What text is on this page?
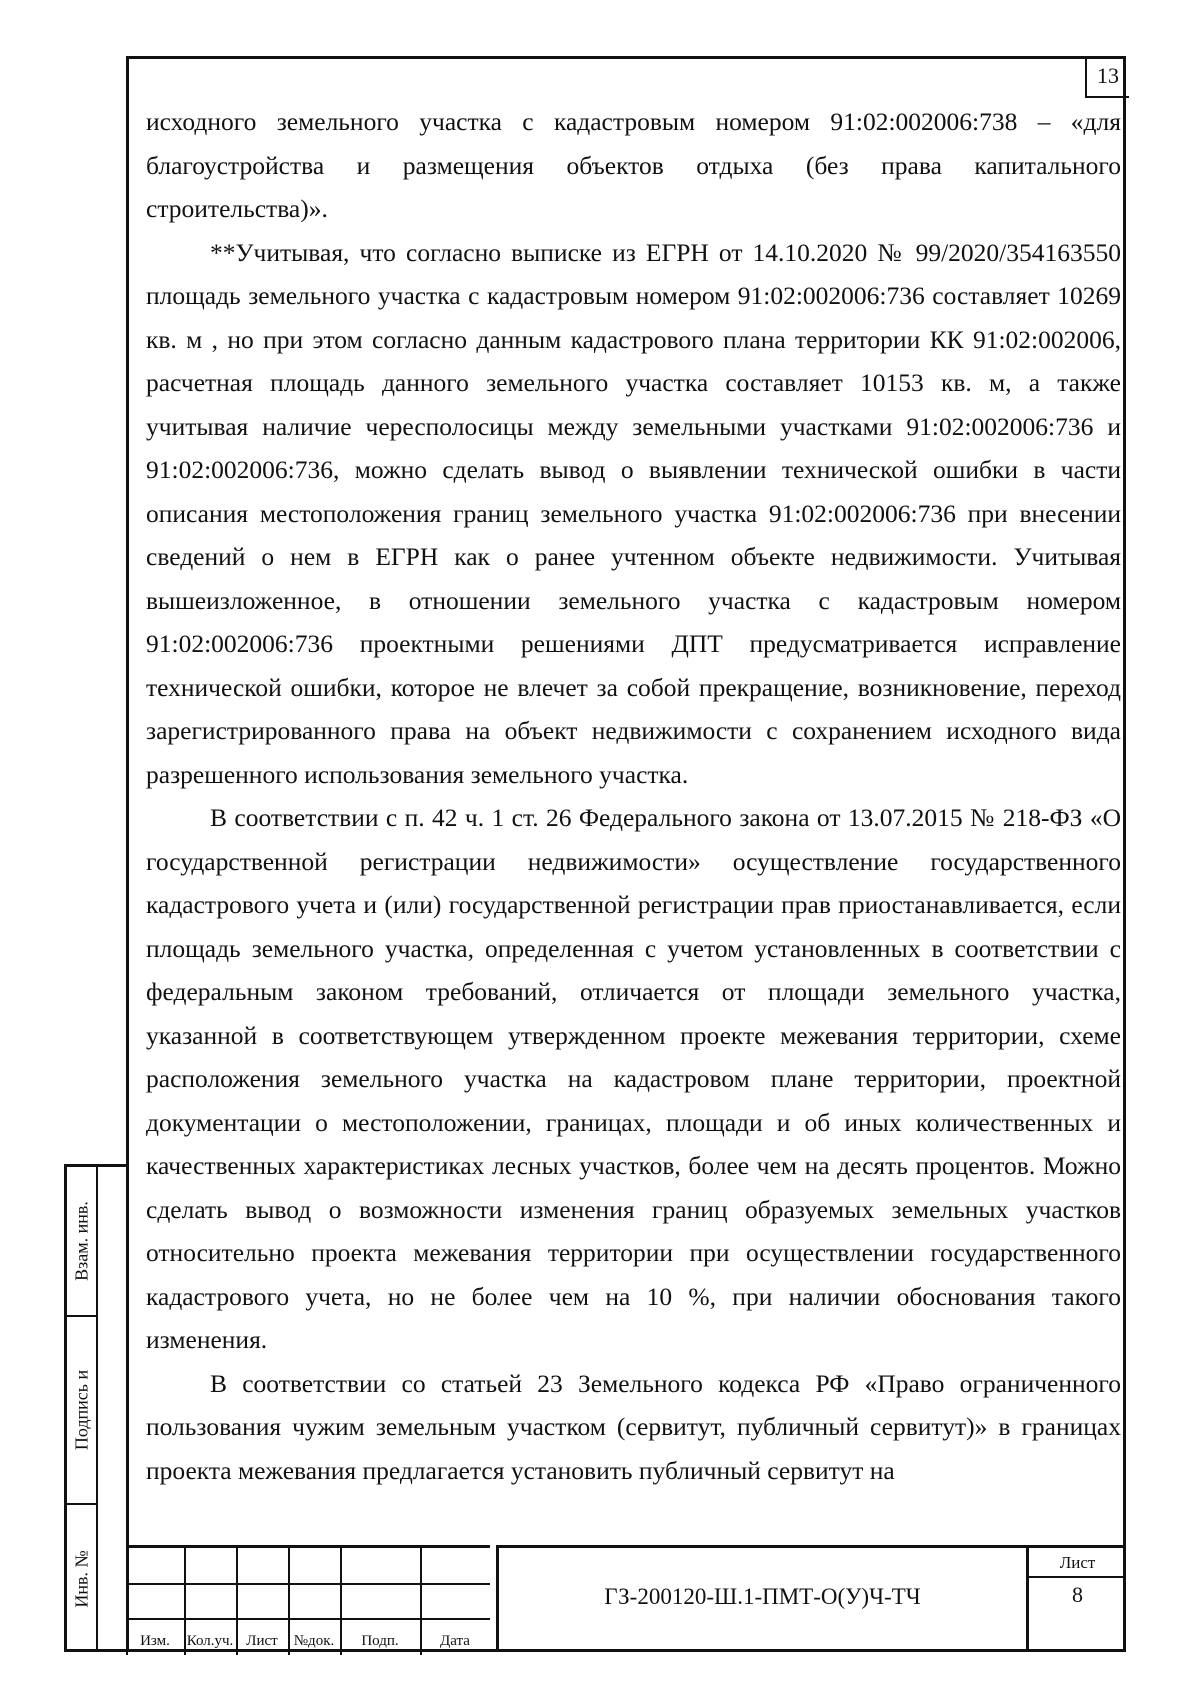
13

исходного земельного участка с кадастровым номером 91:02:002006:738 – «для благоустройства и размещения объектов отдыха (без права капитального строительства)».

**Учитывая, что согласно выписке из ЕГРН от 14.10.2020 № 99/2020/354163550 площадь земельного участка с кадастровым номером 91:02:002006:736 составляет 10269 кв. м , но при этом согласно данным кадастрового плана территории КК 91:02:002006, расчетная площадь данного земельного участка составляет 10153 кв. м, а также учитывая наличие чересполосицы между земельными участками 91:02:002006:736 и 91:02:002006:736, можно сделать вывод о выявлении технической ошибки в части описания местоположения границ земельного участка 91:02:002006:736 при внесении сведений о нем в ЕГРН как о ранее учтенном объекте недвижимости. Учитывая вышеизложенное, в отношении земельного участка с кадастровым номером 91:02:002006:736 проектными решениями ДПТ предусматривается исправление технической ошибки, которое не влечет за собой прекращение, возникновение, переход зарегистрированного права на объект недвижимости с сохранением исходного вида разрешенного использования земельного участка.

В соответствии с п. 42 ч. 1 ст. 26 Федерального закона от 13.07.2015 № 218-ФЗ «О государственной регистрации недвижимости» осуществление государственного кадастрового учета и (или) государственной регистрации прав приостанавливается, если площадь земельного участка, определенная с учетом установленных в соответствии с федеральным законом требований, отличается от площади земельного участка, указанной в соответствующем утвержденном проекте межевания территории, схеме расположения земельного участка на кадастровом плане территории, проектной документации о местоположении, границах, площади и об иных количественных и качественных характеристиках лесных участков, более чем на десять процентов. Можно сделать вывод о возможности изменения границ образуемых земельных участков относительно проекта межевания территории при осуществлении государственного кадастрового учета, но не более чем на 10 %, при наличии обоснования такого изменения.

В соответствии со статьей 23 Земельного кодекса РФ «Право ограниченного пользования чужим земельным участком (сервитут, публичный сервитут)» в границах проекта межевания предлагается установить публичный сервитут на

Взам. инв.
Подпись и
Инв. №
Изм.	Кол.уч. Лист	№док.	Подп.	Дата
ГЗ-200120-Ш.1-ПМТ-О(У)Ч-ТЧ
Лист
8
